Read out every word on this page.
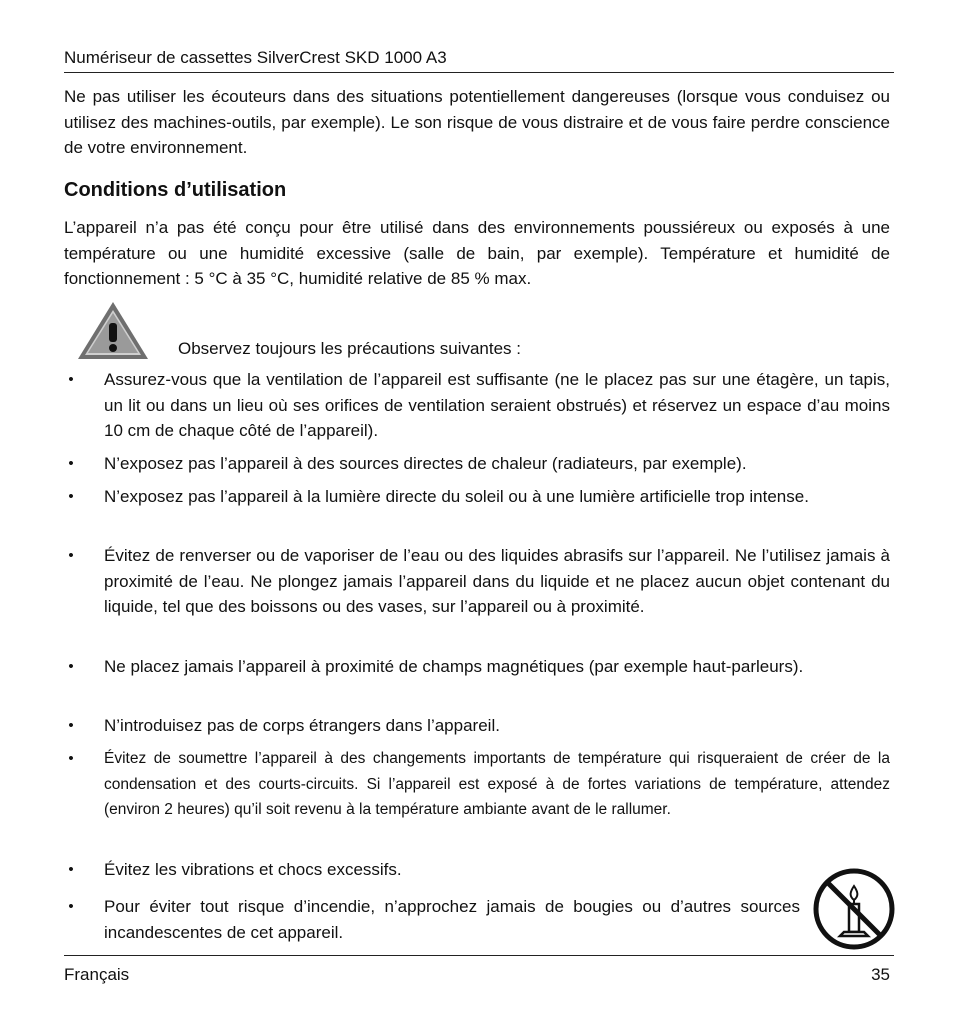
Numériseur de cassettes SilverCrest SKD 1000 A3

Ne pas utiliser les écouteurs dans des situations potentiellement dangereuses (lorsque vous conduisez ou utilisez des machines-outils, par exemple). Le son risque de vous distraire et de vous faire perdre conscience de votre environnement.

Conditions d’utilisation

L’appareil n’a pas été conçu pour être utilisé dans des environnements poussiéreux ou exposés à une température ou une humidité excessive (salle de bain, par exemple). Température et humidité de fonctionnement : 5 °C à 35 °C, humidité relative de 85 % max.

Observez toujours les précautions suivantes :
• Assurez-vous que la ventilation de l’appareil est suffisante (ne le placez pas sur une étagère, un tapis, un lit ou dans un lieu où ses orifices de ventilation seraient obstrués) et réservez un espace d’au moins 10 cm de chaque côté de l’appareil).
• N’exposez pas l’appareil à des sources directes de chaleur (radiateurs, par exemple).
• N’exposez pas l’appareil à la lumière directe du soleil ou à une lumière artificielle trop intense.
• Évitez de renverser ou de vaporiser de l’eau ou des liquides abrasifs sur l’appareil. Ne l’utilisez jamais à proximité de l’eau. Ne plongez jamais l’appareil dans du liquide et ne placez aucun objet contenant du liquide, tel que des boissons ou des vases, sur l’appareil ou à proximité.
• Ne placez jamais l’appareil à proximité de champs magnétiques (par exemple haut-parleurs).
• N’introduisez pas de corps étrangers dans l’appareil.
• Évitez de soumettre l’appareil à des changements importants de température qui risqueraient de créer de la condensation et des courts-circuits. Si l’appareil est exposé à de fortes variations de température, attendez (environ 2 heures) qu’il soit revenu à la température ambiante avant de le rallumer.
• Évitez les vibrations et chocs excessifs.
• Pour éviter tout risque d’incendie, n’approchez jamais de bougies ou d’autres sources incandescentes de cet appareil.
Français	35
